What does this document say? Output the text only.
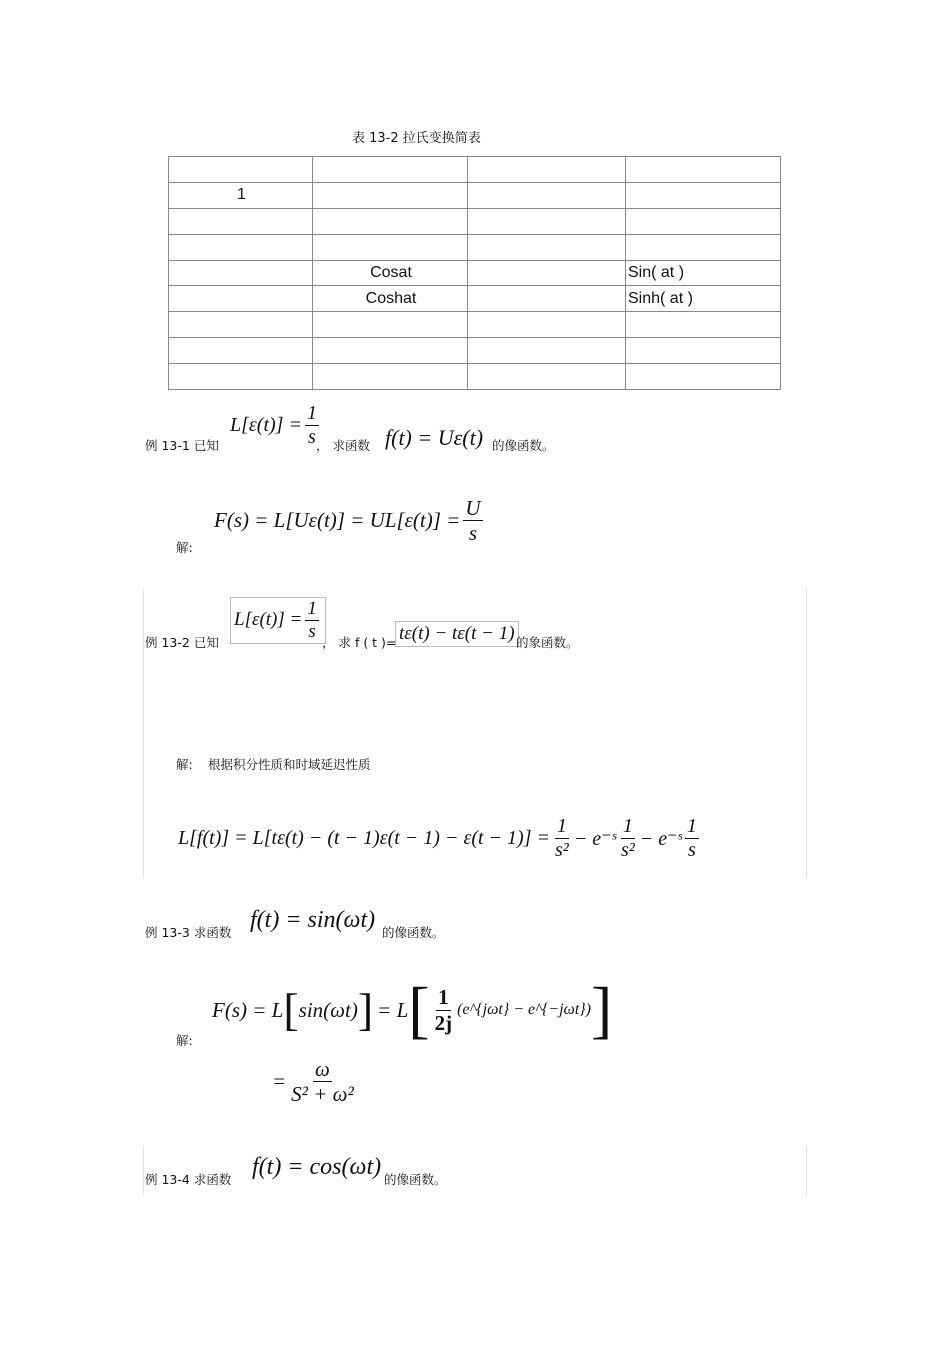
表 13-2 拉氏变换简表

1			

	Cosat		Sin( at )
	Coshat		Sinh( at )

例 13-1 已知
$L[\varepsilon(t)] = \frac{1}{s}$
， 求函数 f(t) = Uε(t) 的像函数。
解:
$F(s) = L[U\varepsilon(t)] = UL[\varepsilon(t)] = \frac{U}{s}$
例 13-2 已知
$L[\varepsilon(t)] = \frac{1}{s}$
， 求 f ( t )= tε(t) − tε(t − 1) 的象函数。
解: 根据积分性质和时域延迟性质
$L[f(t)] = L[t\varepsilon(t) - (t - 1)\varepsilon(t - 1) - \varepsilon(t - 1)] = \frac{1}{\text{s²}}$ − e⁻ˢ $\frac{1}{\text{s²}}$ − e⁻ˢ $\frac{1}{s}$
例 13-3 求函数 f(t) = sin(ωt) 的像函数。
解:
F(s) = L [ sin(ωt) ] = L [ $\frac{1}{2j}$ (e^{jωt} − e^{−jωt}) ]
= $\frac{\omega}{\text{S² + ω²}}$
例 13-4 求函数 f(t) = cos(ωt) 的像函数。
